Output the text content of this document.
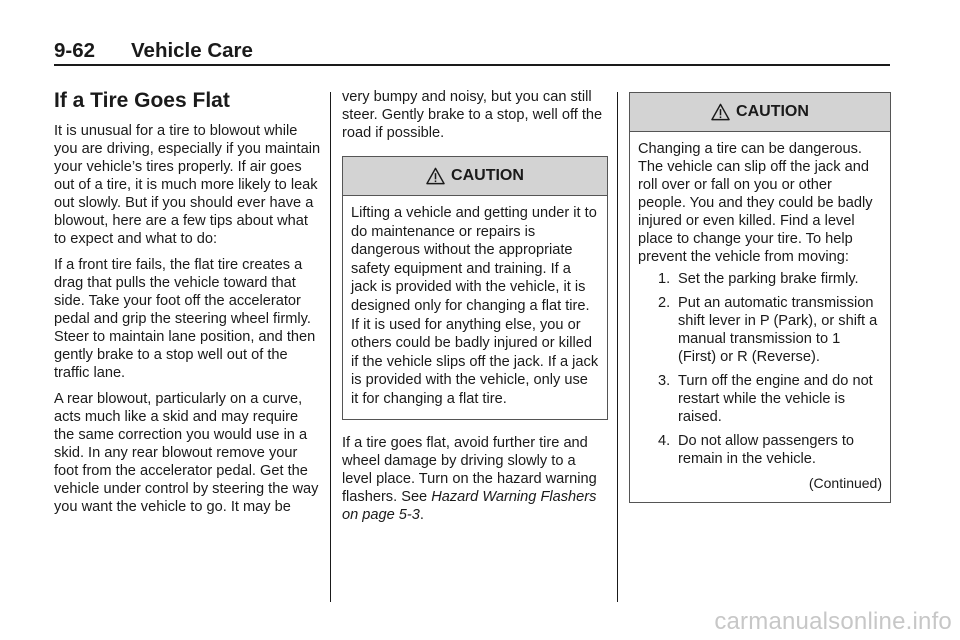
9-62 Vehicle Care
If a Tire Goes Flat

It is unusual for a tire to blowout while you are driving, especially if you maintain your vehicle’s tires properly. If air goes out of a tire, it is much more likely to leak out slowly. But if you should ever have a blowout, here are a few tips about what to expect and what to do:

If a front tire fails, the flat tire creates a drag that pulls the vehicle toward that side. Take your foot off the accelerator pedal and grip the steering wheel firmly. Steer to maintain lane position, and then gently brake to a stop well out of the traffic lane.

A rear blowout, particularly on a curve, acts much like a skid and may require the same correction you would use in a skid. In any rear blowout remove your foot from the accelerator pedal. Get the vehicle under control by steering the way you want the vehicle to go. It may be

very bumpy and noisy, but you can still steer. Gently brake to a stop, well off the road if possible.

CAUTION

Lifting a vehicle and getting under it to do maintenance or repairs is dangerous without the appropriate safety equipment and training. If a jack is provided with the vehicle, it is designed only for changing a flat tire. If it is used for anything else, you or others could be badly injured or killed if the vehicle slips off the jack. If a jack is provided with the vehicle, only use it for changing a flat tire.

If a tire goes flat, avoid further tire and wheel damage by driving slowly to a level place. Turn on the hazard warning flashers. See Hazard Warning Flashers on page 5-3.

CAUTION

Changing a tire can be dangerous. The vehicle can slip off the jack and roll over or fall on you or other people. You and they could be badly injured or even killed. Find a level place to change your tire. To help prevent the vehicle from moving:

1. Set the parking brake firmly.
2. Put an automatic transmission shift lever in P (Park), or shift a manual transmission to 1 (First) or R (Reverse).
3. Turn off the engine and do not restart while the vehicle is raised.
4. Do not allow passengers to remain in the vehicle.
(Continued)
carmanualsonline.info
